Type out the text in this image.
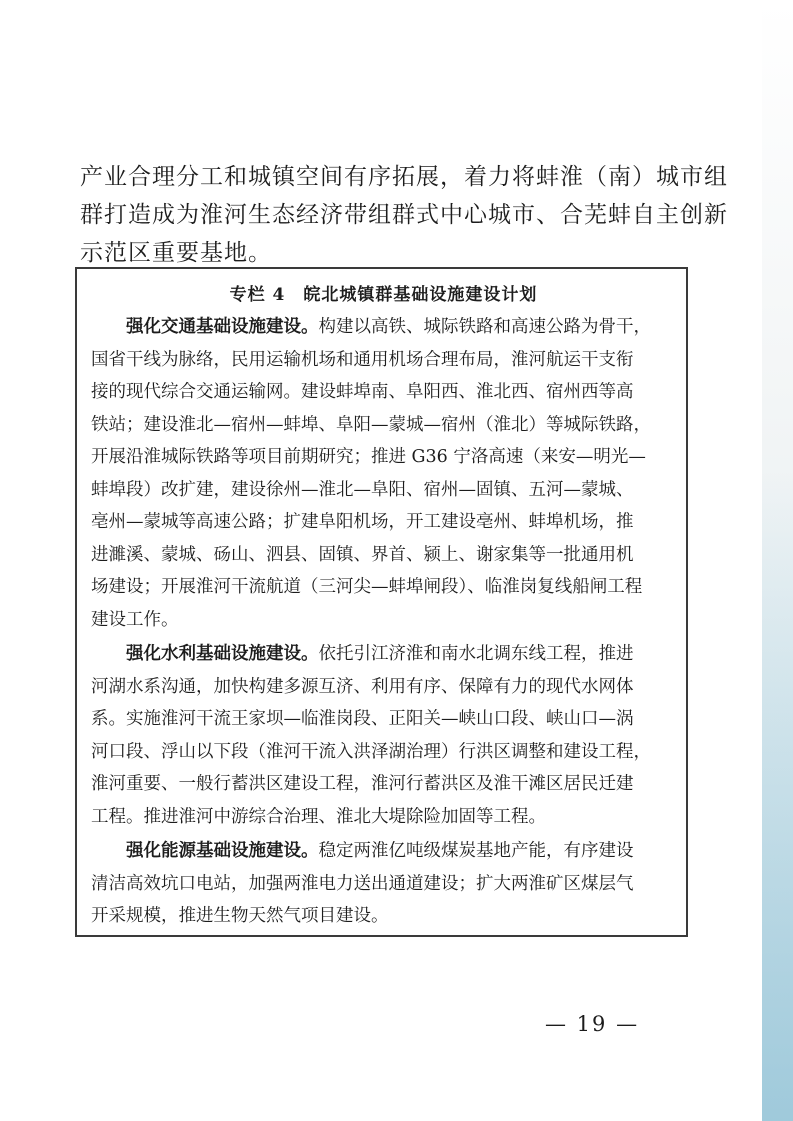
产业合理分工和城镇空间有序拓展，着力将蚌淮（南）城市组
群打造成为淮河生态经济带组群式中心城市、合芜蚌自主创新
示范区重要基地。
专栏 4　皖北城镇群基础设施建设计划

强化交通基础设施建设。构建以高铁、城际铁路和高速公路为骨干，
国省干线为脉络，民用运输机场和通用机场合理布局，淮河航运干支衔
接的现代综合交通运输网。建设蚌埠南、阜阳西、淮北西、宿州西等高
铁站；建设淮北—宿州—蚌埠、阜阳—蒙城—宿州（淮北）等城际铁路，
开展沿淮城际铁路等项目前期研究；推进 G36 宁洛高速（来安—明光—
蚌埠段）改扩建，建设徐州—淮北—阜阳、宿州—固镇、五河—蒙城、
亳州—蒙城等高速公路；扩建阜阳机场，开工建设亳州、蚌埠机场，推
进濉溪、蒙城、砀山、泗县、固镇、界首、颍上、谢家集等一批通用机
场建设；开展淮河干流航道（三河尖—蚌埠闸段）、临淮岗复线船闸工程
建设工作。

强化水利基础设施建设。依托引江济淮和南水北调东线工程，推进
河湖水系沟通，加快构建多源互济、利用有序、保障有力的现代水网体
系。实施淮河干流王家坝—临淮岗段、正阳关—峡山口段、峡山口—涡
河口段、浮山以下段（淮河干流入洪泽湖治理）行洪区调整和建设工程，
淮河重要、一般行蓄洪区建设工程，淮河行蓄洪区及淮干滩区居民迁建
工程。推进淮河中游综合治理、淮北大堤除险加固等工程。

强化能源基础设施建设。稳定两淮亿吨级煤炭基地产能，有序建设
清洁高效坑口电站，加强两淮电力送出通道建设；扩大两淮矿区煤层气
开采规模，推进生物天然气项目建设。

— 19 —
